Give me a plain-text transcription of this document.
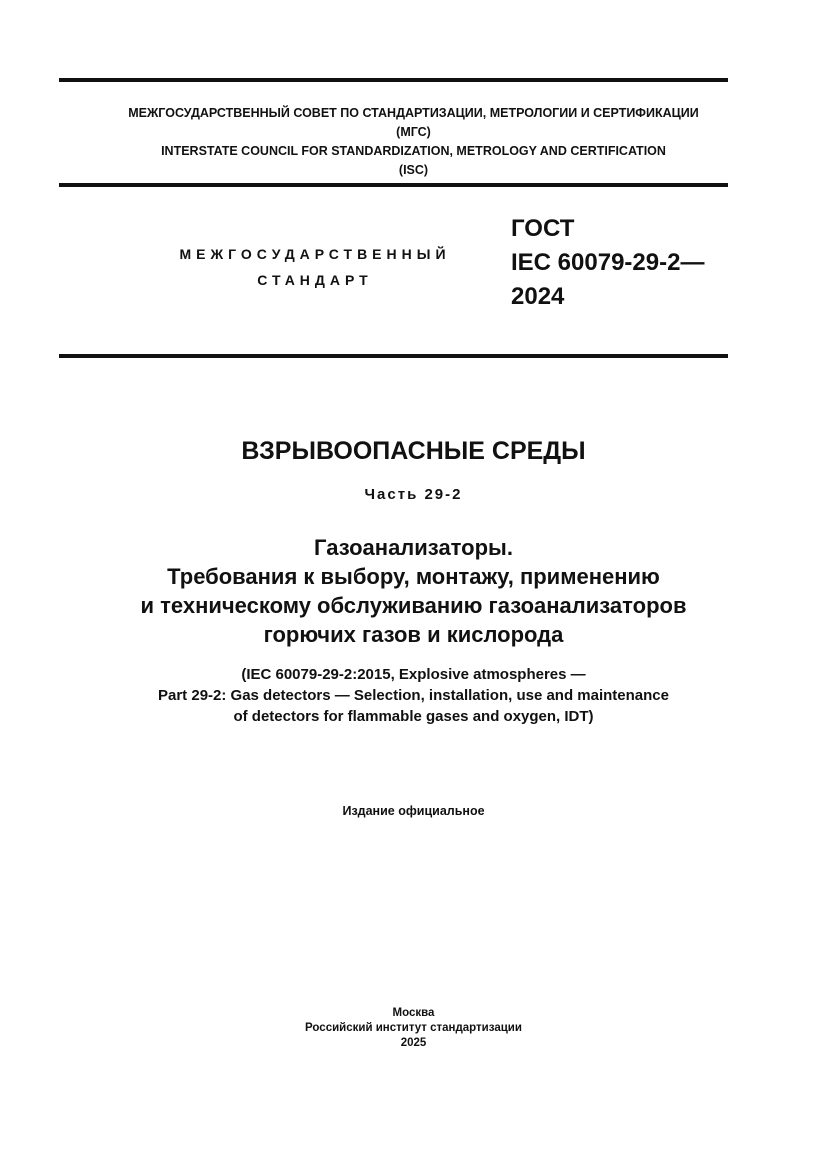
МЕЖГОСУДАРСТВЕННЫЙ СОВЕТ ПО СТАНДАРТИЗАЦИИ, МЕТРОЛОГИИ И СЕРТИФИКАЦИИ
(МГС)
INTERSTATE COUNCIL FOR STANDARDIZATION, METROLOGY AND CERTIFICATION
(ISC)
МЕЖГОСУДАРСТВЕННЫЙ
СТАНДАРТ
ГОСТ
IEC 60079-29-2—
2024
ВЗРЫВООПАСНЫЕ СРЕДЫ
Часть 29-2
Газоанализаторы.
Требования к выбору, монтажу, применению
и техническому обслуживанию газоанализаторов
горючих газов и кислорода
(IEC 60079-29-2:2015, Explosive atmospheres —
Part 29-2: Gas detectors — Selection, installation, use and maintenance
of detectors for flammable gases and oxygen, IDT)
Издание официальное
Москва
Российский институт стандартизации
2025
